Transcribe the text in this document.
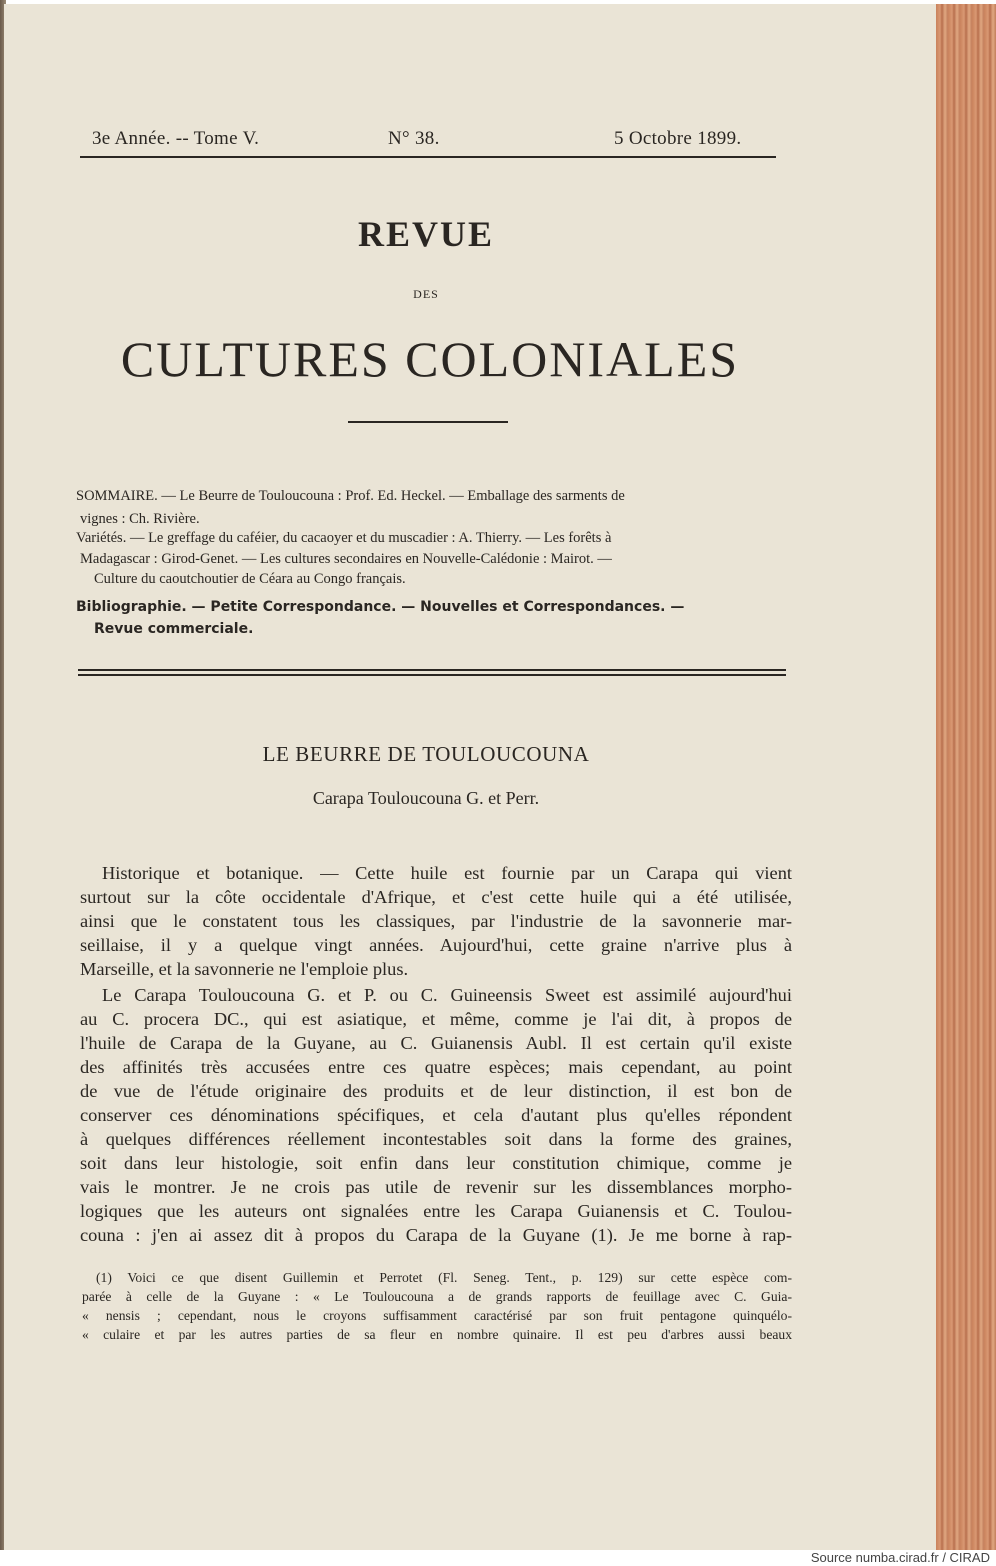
3e Année. -- Tome V.	N° 38.	5 Octobre 1899.
REVUE
DES
CULTURES COLONIALES
SOMMAIRE. — Le Beurre de Touloucouna : Prof. Ed. Heckel. — Emballage des sarments de
vignes : Ch. Rivière.
Variétés. — Le greffage du caféier, du cacaoyer et du muscadier : A. Thierry. — Les forêts à
Madagascar : Girod-Genet. — Les cultures secondaires en Nouvelle-Calédonie : Mairot. —
Culture du caoutchoutier de Céara au Congo français.
Bibliographie. — Petite Correspondance. — Nouvelles et Correspondances. —
Revue commerciale.
LE BEURRE DE TOULOUCOUNA
Carapa Touloucouna G. et Perr.
Historique et botanique. — Cette huile est fournie par un Carapa qui vient
surtout sur la côte occidentale d'Afrique, et c'est cette huile qui a été utilisée,
ainsi que le constatent tous les classiques, par l'industrie de la savonnerie mar-
seillaise, il y a quelque vingt années. Aujourd'hui, cette graine n'arrive plus à
Marseille, et la savonnerie ne l'emploie plus.
Le Carapa Touloucouna G. et P. ou C. Guineensis Sweet est assimilé aujourd'hui
au C. procera DC., qui est asiatique, et même, comme je l'ai dit, à propos de
l'huile de Carapa de la Guyane, au C. Guianensis Aubl. Il est certain qu'il existe
des affinités très accusées entre ces quatre espèces; mais cependant, au point
de vue de l'étude originaire des produits et de leur distinction, il est bon de
conserver ces dénominations spécifiques, et cela d'autant plus qu'elles répondent
à quelques différences réellement incontestables soit dans la forme des graines,
soit dans leur histologie, soit enfin dans leur constitution chimique, comme je
vais le montrer. Je ne crois pas utile de revenir sur les dissemblances morpho-
logiques que les auteurs ont signalées entre les Carapa Guianensis et C. Toulou-
couna : j'en ai assez dit à propos du Carapa de la Guyane (1). Je me borne à rap-
(1) Voici ce que disent Guillemin et Perrotet (Fl. Seneg. Tent., p. 129) sur cette espèce com-
parée à celle de la Guyane : « Le Touloucouna a de grands rapports de feuillage avec C. Guia-
« nensis ; cependant, nous le croyons suffisamment caractérisé par son fruit pentagone quinquélo-
« culaire et par les autres parties de sa fleur en nombre quinaire. Il est peu d'arbres aussi beaux
Source numba.cirad.fr / CIRAD
